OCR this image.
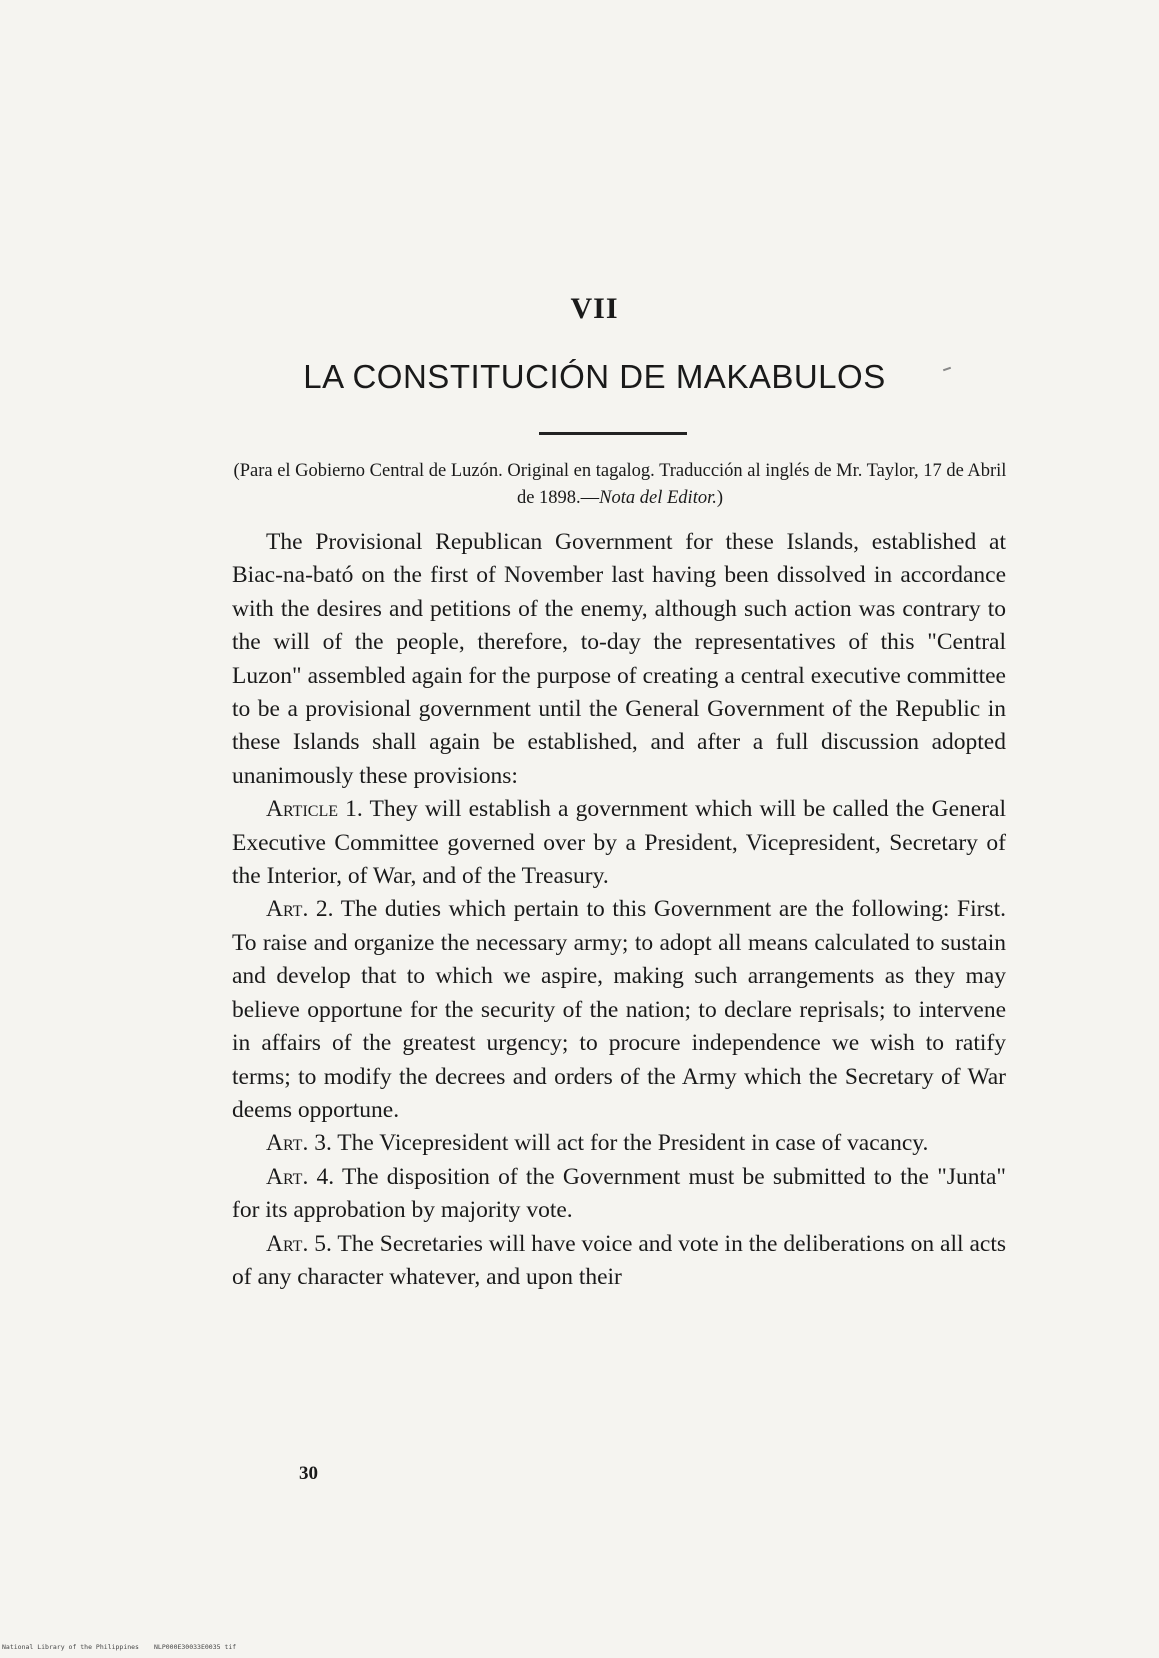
VII
LA CONSTITUCIÓN DE MAKABULOS
(Para el Gobierno Central de Luzón. Original en tagalog. Traducción al inglés de Mr. Taylor, 17 de Abril de 1898.—Nota del Editor.)

The Provisional Republican Government for these Islands, established at Biac-na-bató on the first of November last having been dissolved in accordance with the desires and petitions of the enemy, although such action was contrary to the will of the people, therefore, to-day the representatives of this "Central Luzon" assembled again for the purpose of creating a central executive committee to be a provisional government until the General Government of the Republic in these Islands shall again be established, and after a full discussion adopted unanimously these provisions:

Article 1. They will establish a government which will be called the General Executive Committee governed over by a President, Vicepresident, Secretary of the Interior, of War, and of the Treasury.

Art. 2. The duties which pertain to this Government are the following: First. To raise and organize the necessary army; to adopt all means calculated to sustain and develop that to which we aspire, making such arrangements as they may believe opportune for the security of the nation; to declare reprisals; to intervene in affairs of the greatest urgency; to procure independence we wish to ratify terms; to modify the decrees and orders of the Army which the Secretary of War deems opportune.

Art. 3. The Vicepresident will act for the President in case of vacancy.

Art. 4. The disposition of the Government must be submitted to the "Junta" for its approbation by majority vote.

Art. 5. The Secretaries will have voice and vote in the deliberations on all acts of any character whatever, and upon their

30
National Library of the Philippines NLP000E30033E0035 tif
